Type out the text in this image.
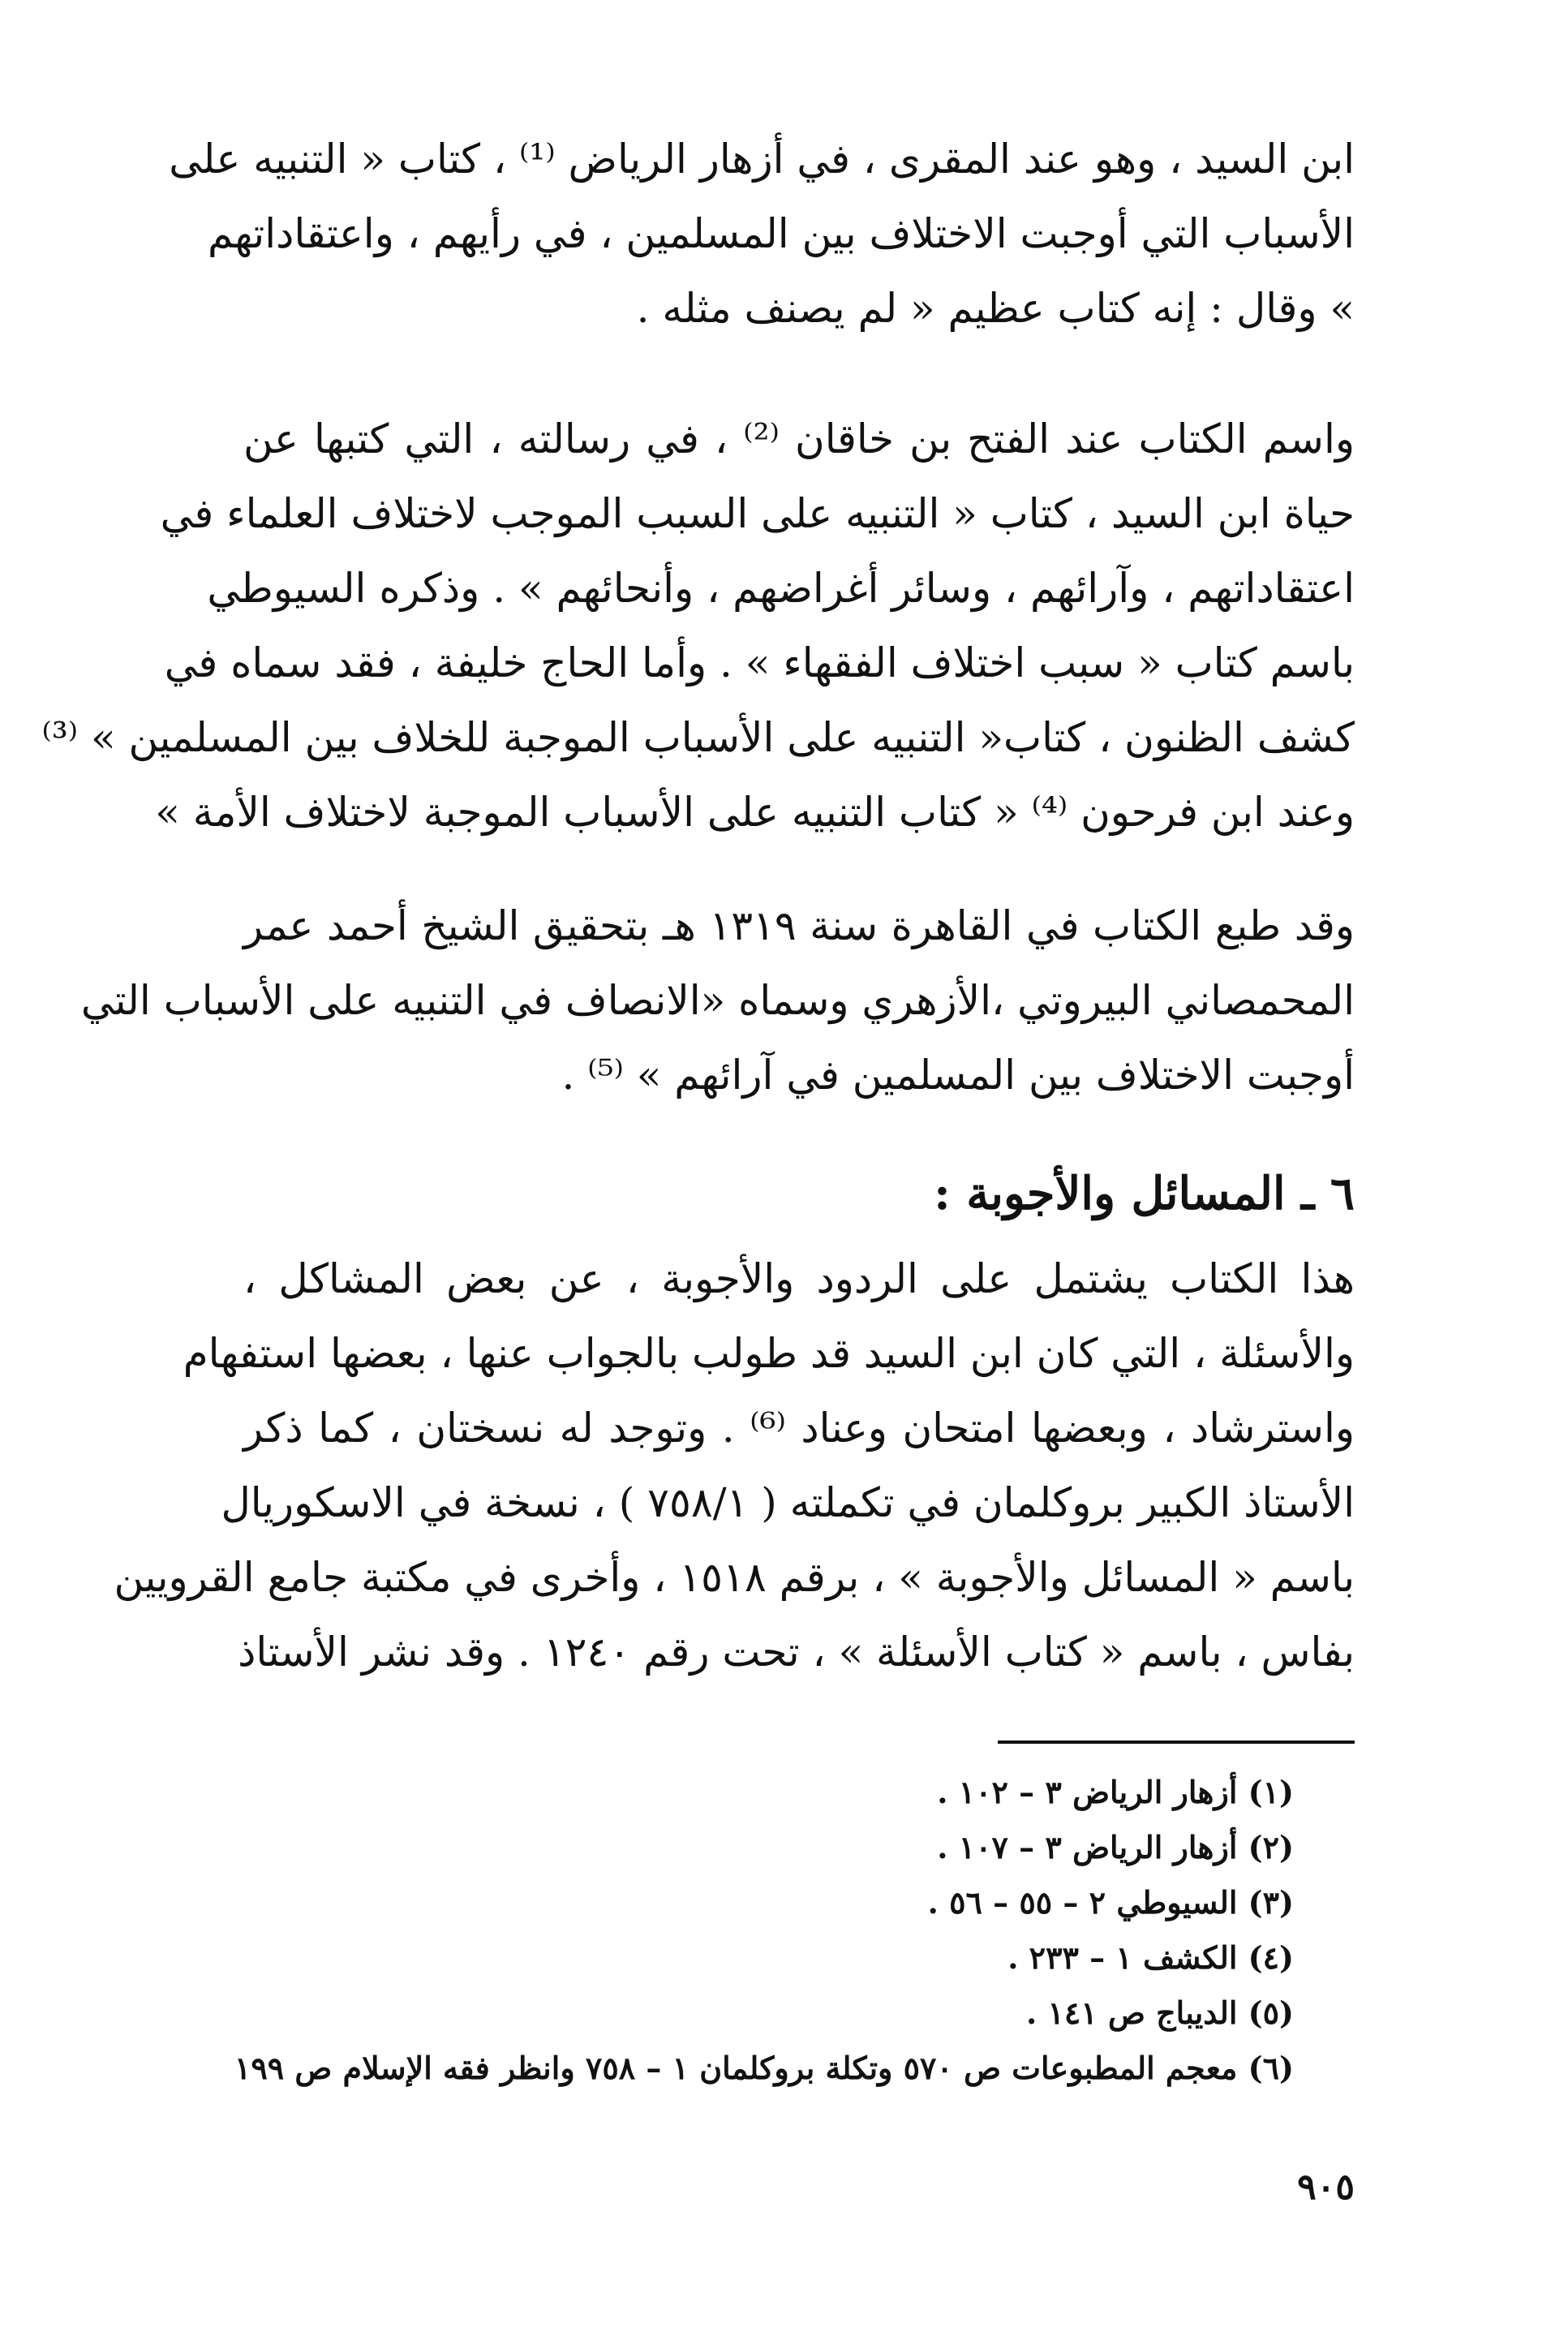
ابن السيد ، وهو عند المقرى ، في أزهار الرياض ⁽¹⁾ ، كتاب « التنبيه على
الأسباب التي أوجبت الاختلاف بين المسلمين ، في رأيهم ، واعتقاداتهم
» وقال : إنه كتاب عظيم « لم يصنف مثله .
واسم الكتاب عند الفتح بن خاقان ⁽²⁾ ، في رسالته ، التي كتبها عن
حياة ابن السيد ، كتاب « التنبيه على السبب الموجب لاختلاف العلماء في
اعتقاداتهم ، وآرائهم ، وسائر أغراضهم ، وأنحائهم » . وذكره السيوطي
باسم كتاب « سبب اختلاف الفقهاء » . وأما الحاج خليفة ، فقد سماه في
كشف الظنون ، كتاب« التنبيه على الأسباب الموجبة للخلاف بين المسلمين » ⁽³⁾
وعند ابن فرحون ⁽⁴⁾ « كتاب التنبيه على الأسباب الموجبة لاختلاف الأمة »
وقد طبع الكتاب في القاهرة سنة ١٣١٩ هـ بتحقيق الشيخ أحمد عمر
المحمصاني البيروتي ،الأزهري وسماه «الانصاف في التنبيه على الأسباب التي
أوجبت الاختلاف بين المسلمين في آرائهم » ⁽⁵⁾ .
٦ ـ المسائل والأجوبة :
هذا الكتاب يشتمل على الردود والأجوبة ، عن بعض المشاكل ،
والأسئلة ، التي كان ابن السيد قد طولب بالجواب عنها ، بعضها استفهام
واسترشاد ، وبعضها امتحان وعناد ⁽⁶⁾ . وتوجد له نسختان ، كما ذكر
الأستاذ الكبير بروكلمان في تكملته ( ٧٥٨/١ ) ، نسخة في الاسكوريال
باسم « المسائل والأجوبة » ، برقم ١٥١٨ ، وأخرى في مكتبة جامع القرويين
بفاس ، باسم « كتاب الأسئلة » ، تحت رقم ١٢٤٠ . وقد نشر الأستاذ
(١) أزهار الرياض ٣ – ١٠٢ .
(٢) أزهار الرياض ٣ – ١٠٧ .
(٣) السيوطي ٢ – ٥٥ – ٥٦ .
(٤) الكشف ١ – ٢٣٣ .
(٥) الديباج ص ١٤١ .
(٦) معجم المطبوعات ص ٥٧٠ وتكلة بروكلمان ١ – ٧٥٨ وانظر فقه الإسلام ص ١٩٩
٩٠٥
